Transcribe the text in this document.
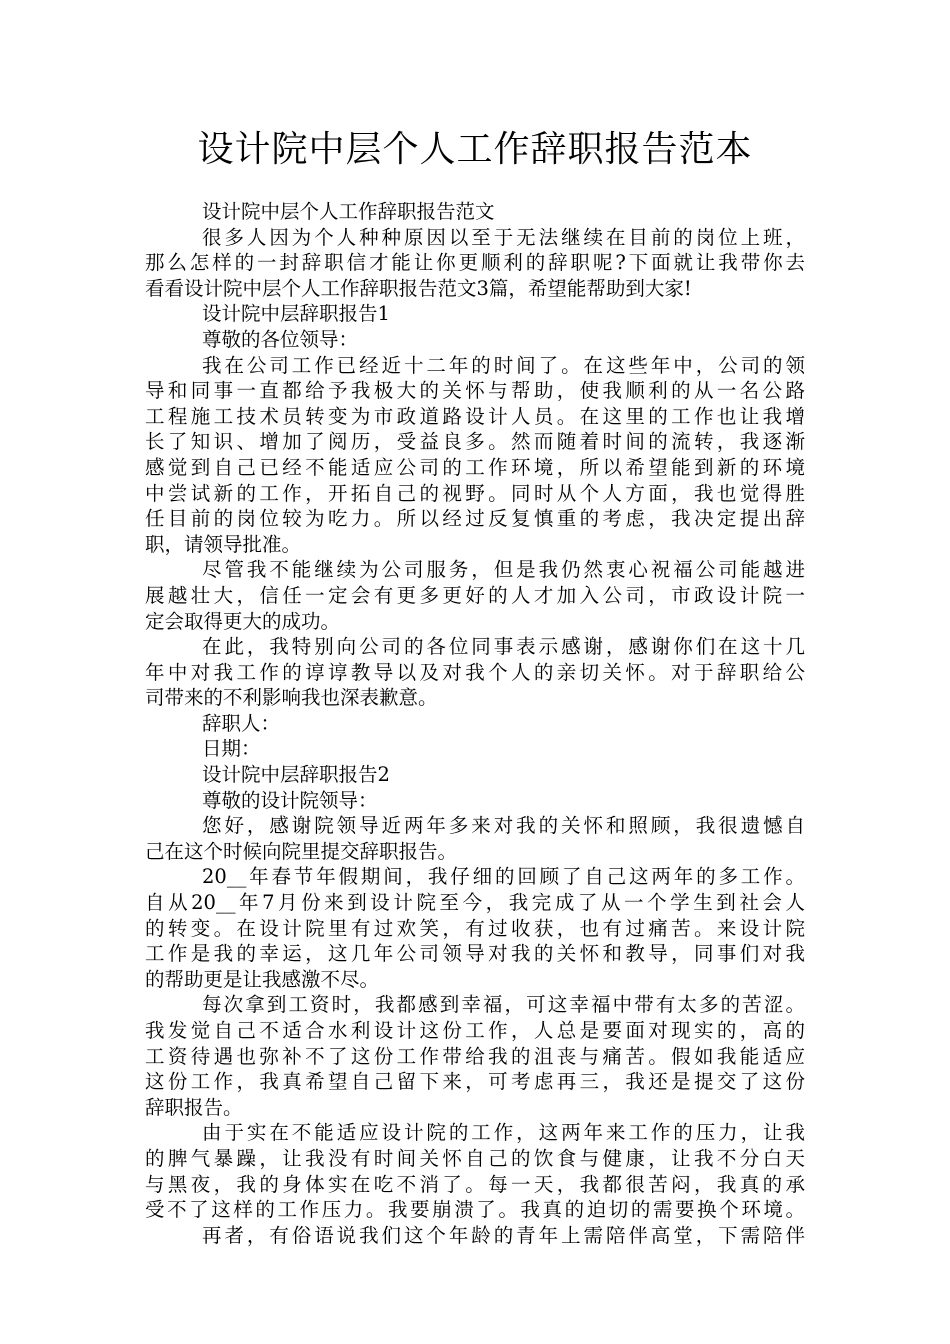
设计院中层个人工作辞职报告范本
设计院中层个人工作辞职报告范文
很多人因为个人种种原因以至于无法继续在目前的岗位上班，
那么怎样的一封辞职信才能让你更顺利的辞职呢?下面就让我带你去
看看设计院中层个人工作辞职报告范文3篇，希望能帮助到大家!
设计院中层辞职报告1
尊敬的各位领导：
我在公司工作已经近十二年的时间了。在这些年中，公司的领
导和同事一直都给予我极大的关怀与帮助，使我顺利的从一名公路
工程施工技术员转变为市政道路设计人员。在这里的工作也让我增
长了知识、增加了阅历，受益良多。然而随着时间的流转，我逐渐
感觉到自己已经不能适应公司的工作环境，所以希望能到新的环境
中尝试新的工作，开拓自己的视野。同时从个人方面，我也觉得胜
任目前的岗位较为吃力。所以经过反复慎重的考虑，我决定提出辞
职，请领导批准。
尽管我不能继续为公司服务，但是我仍然衷心祝福公司能越进
展越壮大，信任一定会有更多更好的人才加入公司，市政设计院一
定会取得更大的成功。
在此，我特别向公司的各位同事表示感谢，感谢你们在这十几
年中对我工作的谆谆教导以及对我个人的亲切关怀。对于辞职给公
司带来的不利影响我也深表歉意。
辞职人：
日期：
设计院中层辞职报告2
尊敬的设计院领导：
您好，感谢院领导近两年多来对我的关怀和照顾，我很遗憾自
己在这个时候向院里提交辞职报告。
20__年春节年假期间，我仔细的回顾了自己这两年的多工作。
自从20__年7月份来到设计院至今，我完成了从一个学生到社会人
的转变。在设计院里有过欢笑，有过收获，也有过痛苦。来设计院
工作是我的幸运，这几年公司领导对我的关怀和教导，同事们对我
的帮助更是让我感激不尽。
每次拿到工资时，我都感到幸福，可这幸福中带有太多的苦涩。
我发觉自己不适合水利设计这份工作，人总是要面对现实的，高的
工资待遇也弥补不了这份工作带给我的沮丧与痛苦。假如我能适应
这份工作，我真希望自己留下来，可考虑再三，我还是提交了这份
辞职报告。
由于实在不能适应设计院的工作，这两年来工作的压力，让我
的脾气暴躁，让我没有时间关怀自己的饮食与健康，让我不分白天
与黑夜，我的身体实在吃不消了。每一天，我都很苦闷，我真的承
受不了这样的工作压力。我要崩溃了。我真的迫切的需要换个环境。
再者，有俗语说我们这个年龄的青年上需陪伴高堂，下需陪伴
